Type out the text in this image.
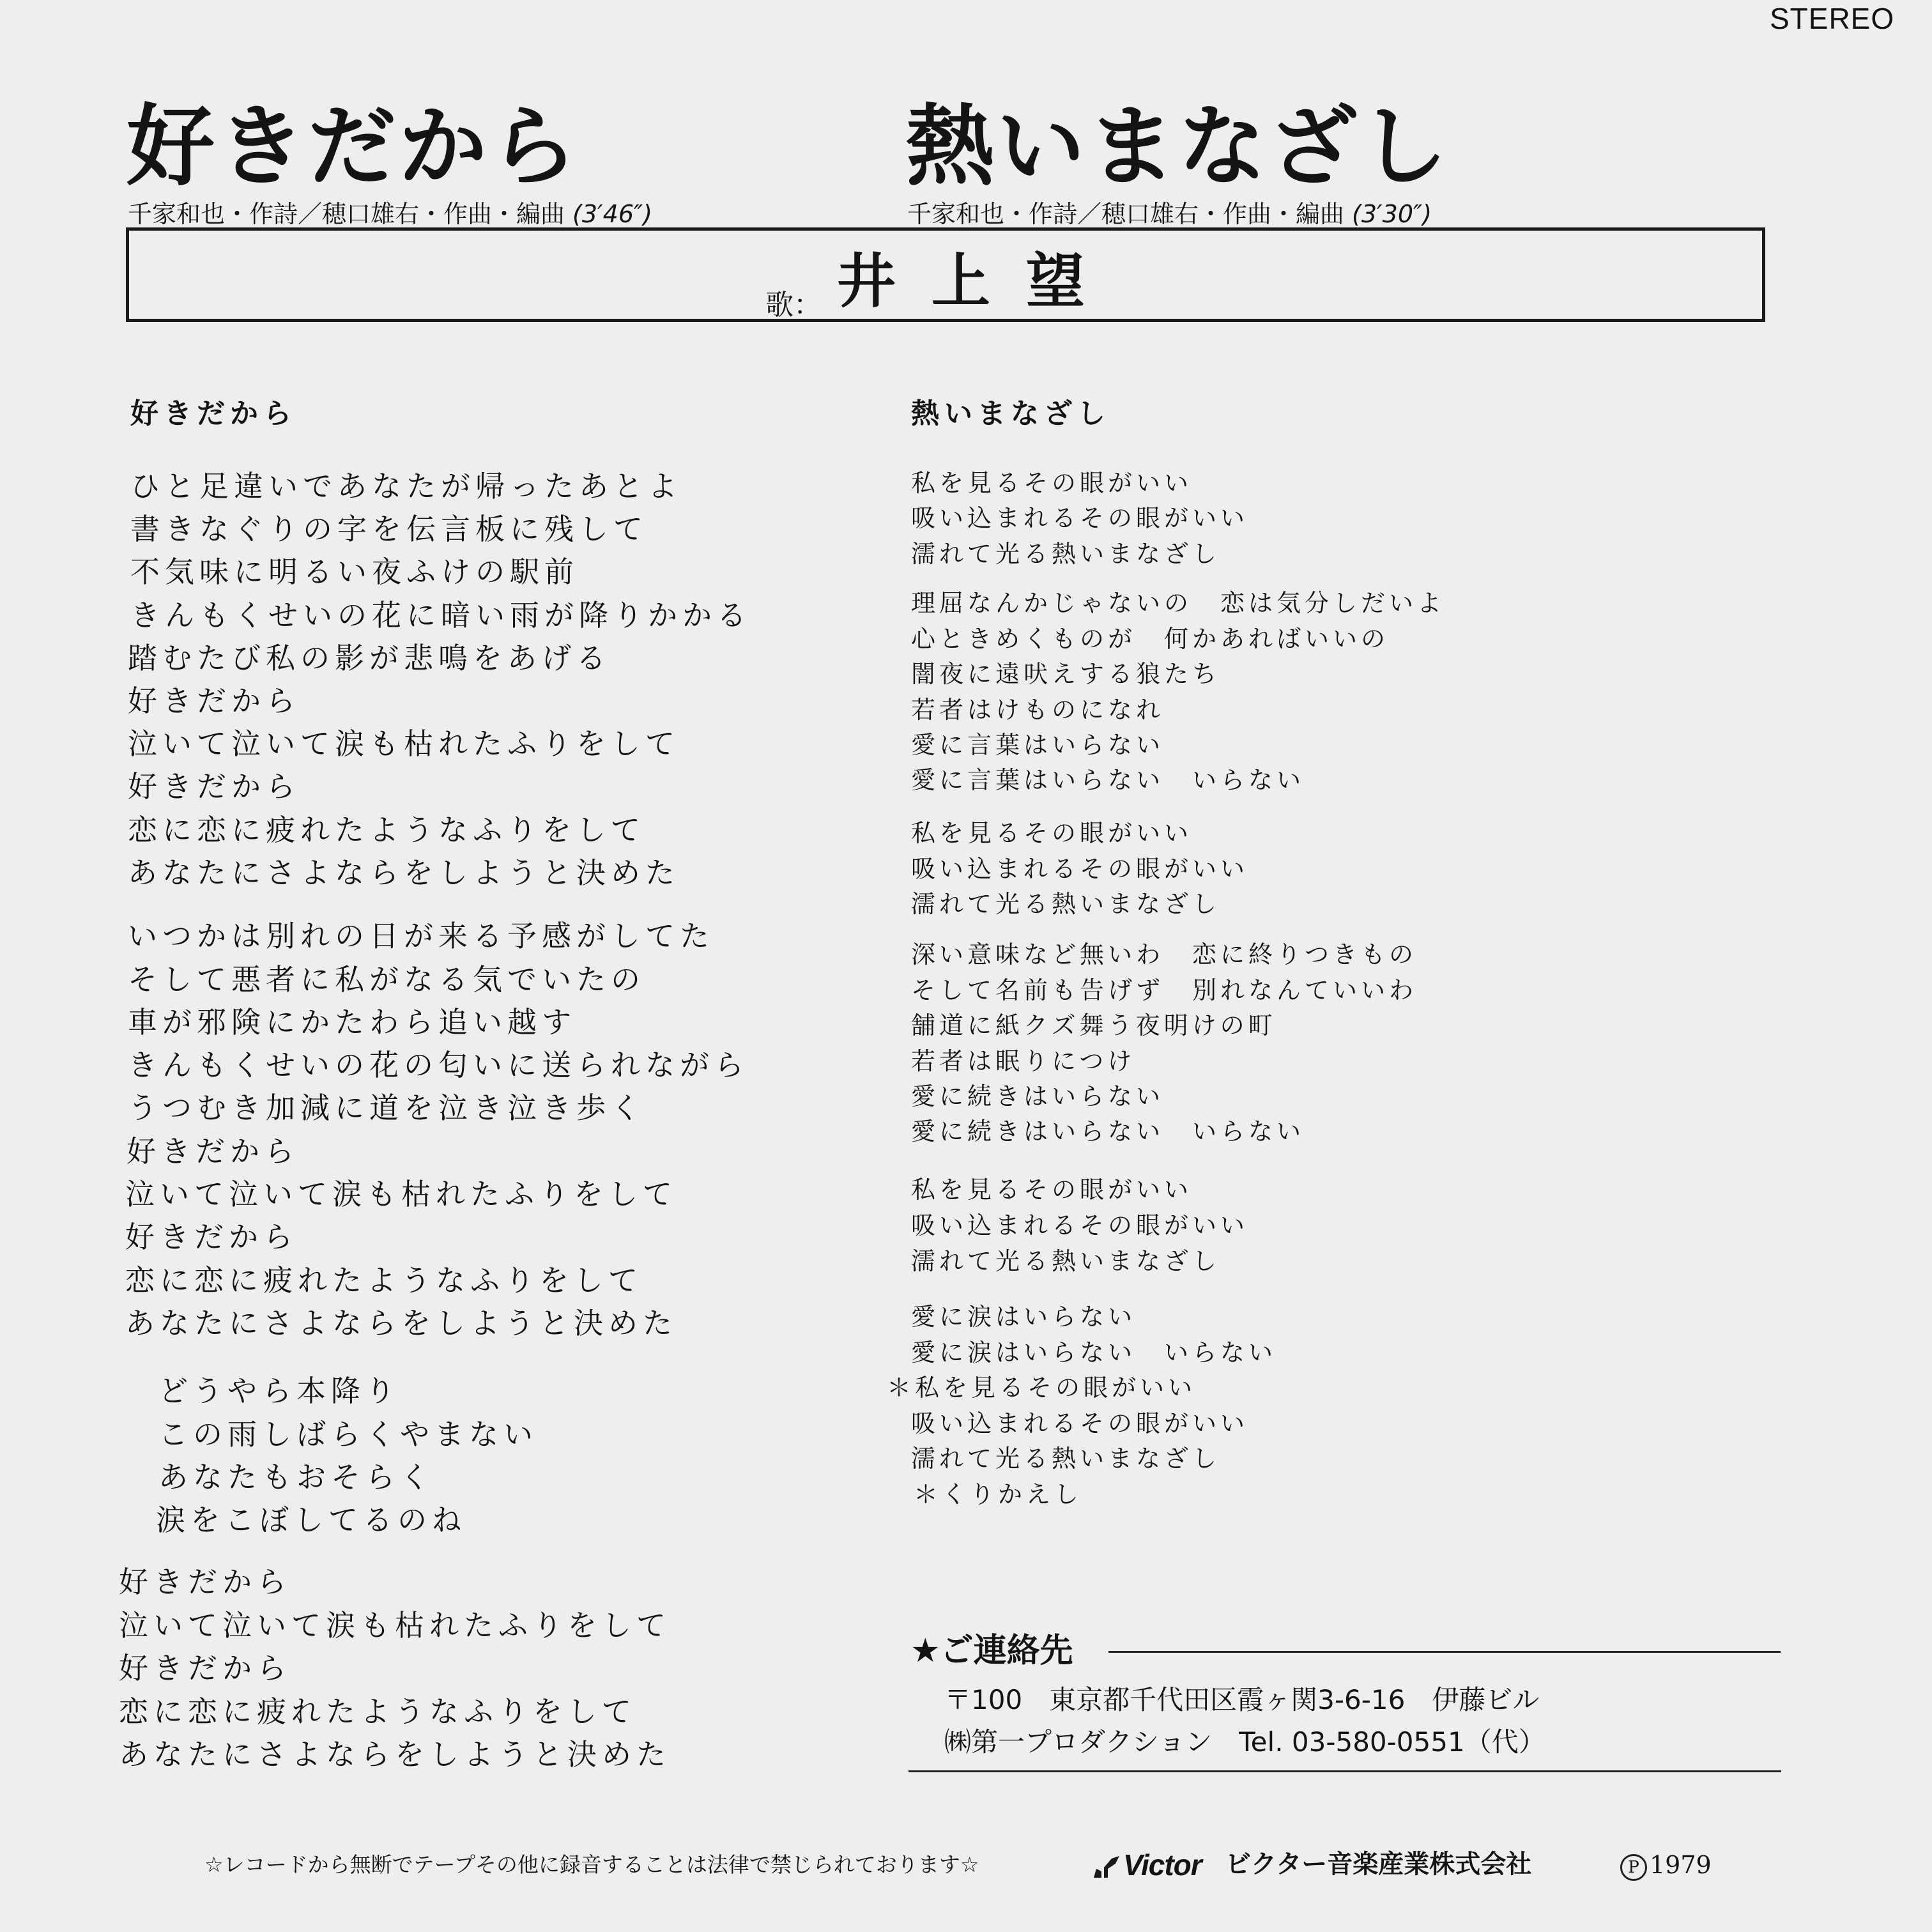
STEREO
好きだから
千家和也・作詩／穂口雄右・作曲・編曲 (3′46″)
熱いまなざし
千家和也・作詩／穂口雄右・作曲・編曲 (3′30″)
歌： 井上望
好きだから
ひと足違いであなたが帰ったあとよ
書きなぐりの字を伝言板に残して
不気味に明るい夜ふけの駅前
きんもくせいの花に暗い雨が降りかかる
踏むたび私の影が悲鳴をあげる
好きだから
泣いて泣いて涙も枯れたふりをして
好きだから
恋に恋に疲れたようなふりをして
あなたにさよならをしようと決めた
いつかは別れの日が来る予感がしてた
そして悪者に私がなる気でいたの
車が邪険にかたわら追い越す
きんもくせいの花の匂いに送られながら
うつむき加減に道を泣き泣き歩く
好きだから
泣いて泣いて涙も枯れたふりをして
好きだから
恋に恋に疲れたようなふりをして
あなたにさよならをしようと決めた
どうやら本降り
この雨しばらくやまない
あなたもおそらく
涙をこぼしてるのね
好きだから
泣いて泣いて涙も枯れたふりをして
好きだから
恋に恋に疲れたようなふりをして
あなたにさよならをしようと決めた
熱いまなざし
私を見るその眼がいい
吸い込まれるその眼がいい
濡れて光る熱いまなざし
理屈なんかじゃないの　恋は気分しだいよ
心ときめくものが　何かあればいいの
闇夜に遠吠えする狼たち
若者はけものになれ
愛に言葉はいらない
愛に言葉はいらない　いらない
私を見るその眼がいい
吸い込まれるその眼がいい
濡れて光る熱いまなざし
深い意味など無いわ　恋に終りつきもの
そして名前も告げず　別れなんていいわ
舗道に紙クズ舞う夜明けの町
若者は眠りにつけ
愛に続きはいらない
愛に続きはいらない　いらない
私を見るその眼がいい
吸い込まれるその眼がいい
濡れて光る熱いまなざし
愛に涙はいらない
愛に涙はいらない　いらない
＊私を見るその眼がいい
吸い込まれるその眼がいい
濡れて光る熱いまなざし
＊くりかえし
★ご連絡先
〒100　東京都千代田区霞ヶ関3-6-16　伊藤ビル
㈱第一プロダクション　Tel. 03-580-0551（代）
☆レコードから無断でテープその他に録音することは法律で禁じられております☆	Victor ビクター音楽産業株式会社	P 1979
